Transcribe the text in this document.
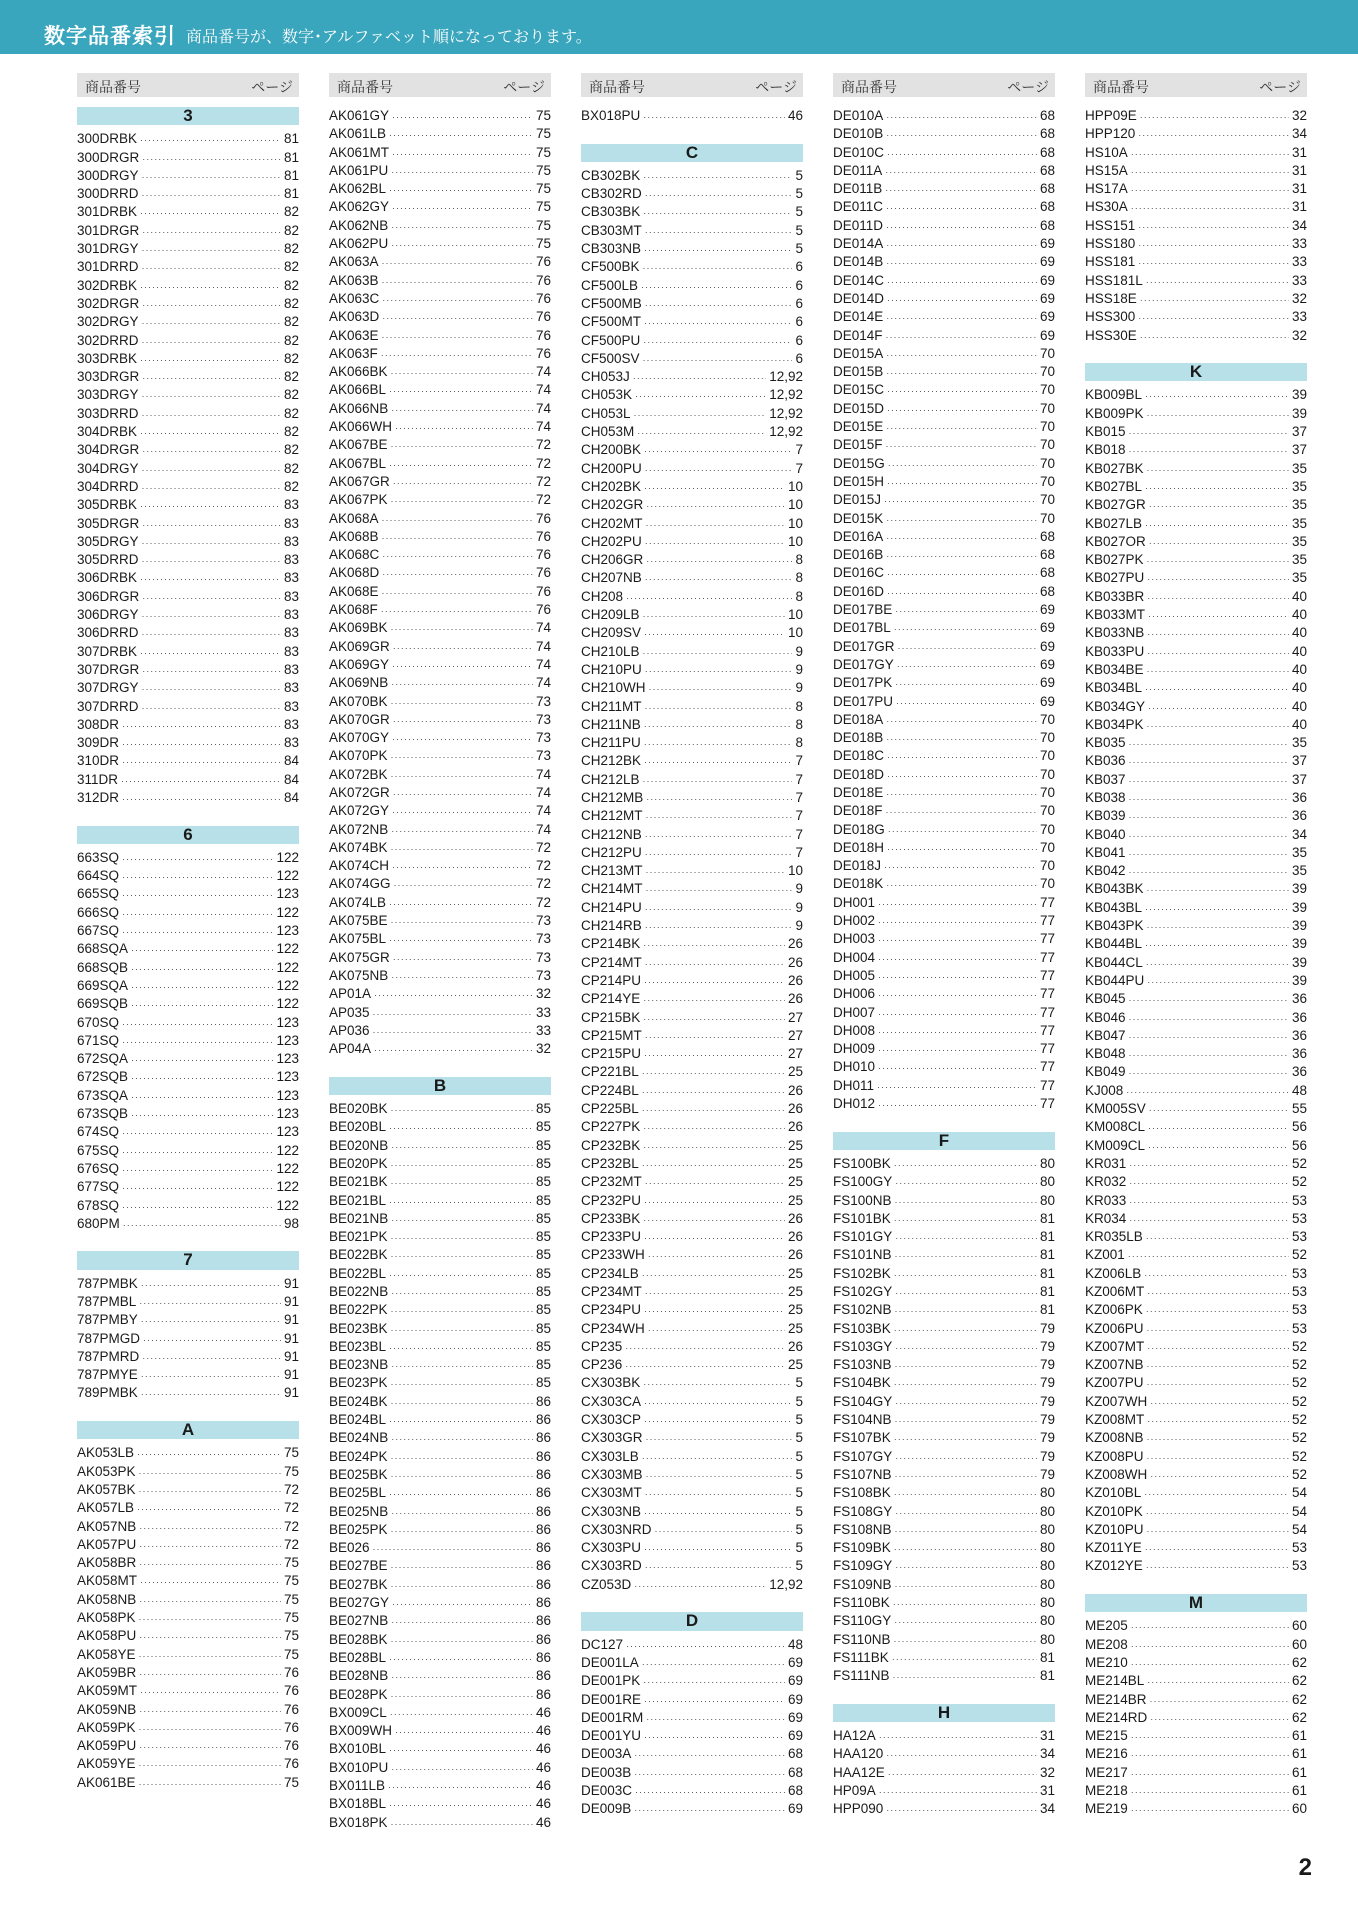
数字品番索引 商品番号が、数字･アルファベット順になっております。
商品番号	ページ
3
300DRBK ·····	81
300DRGR ·····	81
300DRGY ·····	81
300DRRD ·····	81
301DRBK ·····	82
301DRGR ·····	82
301DRGY ·····	82
301DRRD ·····	82
302DRBK ·····	82
302DRGR ·····	82
302DRGY ·····	82
302DRRD ·····	82
303DRBK ·····	82
303DRGR ·····	82
303DRGY ·····	82
303DRRD ·····	82
304DRBK ·····	82
304DRGR ·····	82
304DRGY ·····	82
304DRRD ·····	82
305DRBK ·····	83
305DRGR ·····	83
305DRGY ·····	83
305DRRD ·····	83
306DRBK ·····	83
306DRGR ·····	83
306DRGY ·····	83
306DRRD ·····	83
307DRBK ·····	83
307DRGR ·····	83
307DRGY ·····	83
307DRRD ·····	83
308DR ·····	83
309DR ·····	83
310DR ·····	84
311DR ·····	84
312DR ·····	84
6
663SQ ·····	122
664SQ ·····	122
665SQ ·····	123
666SQ ·····	122
667SQ ·····	123
668SQA ·····	122
668SQB ·····	122
669SQA ·····	122
669SQB ·····	122
670SQ ·····	123
671SQ ·····	123
672SQA ·····	123
672SQB ·····	123
673SQA ·····	123
673SQB ·····	123
674SQ ·····	123
675SQ ·····	122
676SQ ·····	122
677SQ ·····	122
678SQ ·····	122
680PM ·····	98
7
787PMBK ·····	91
787PMBL ·····	91
787PMBY ·····	91
787PMGD ·····	91
787PMRD ·····	91
787PMYE ·····	91
789PMBK ·····	91
A
AK053LB ·····	75
AK053PK ·····	75
AK057BK ·····	72
AK057LB ·····	72
AK057NB ·····	72
AK057PU ·····	72
AK058BR ·····	75
AK058MT ·····	75
AK058NB ·····	75
AK058PK ·····	75
AK058PU ·····	75
AK058YE ·····	75
AK059BR ·····	76
AK059MT ·····	76
AK059NB ·····	76
AK059PK ·····	76
AK059PU ·····	76
AK059YE ·····	76
AK061BE ·····	75
商品番号	ページ
AK061GY ·····	75
AK061LB ·····	75
AK061MT ·····	75
AK061PU ·····	75
AK062BL ·····	75
AK062GY ·····	75
AK062NB ·····	75
AK062PU ·····	75
AK063A ·····	76
AK063B ·····	76
AK063C ·····	76
AK063D ·····	76
AK063E ·····	76
AK063F ·····	76
AK066BK ·····	74
AK066BL ·····	74
AK066NB ·····	74
AK066WH ·····	74
AK067BE ·····	72
AK067BL ·····	72
AK067GR ·····	72
AK067PK ·····	72
AK068A ·····	76
AK068B ·····	76
AK068C ·····	76
AK068D ·····	76
AK068E ·····	76
AK068F ·····	76
AK069BK ·····	74
AK069GR ·····	74
AK069GY ·····	74
AK069NB ·····	74
AK070BK ·····	73
AK070GR ·····	73
AK070GY ·····	73
AK070PK ·····	73
AK072BK ·····	74
AK072GR ·····	74
AK072GY ·····	74
AK072NB ·····	74
AK074BK ·····	72
AK074CH ·····	72
AK074GG ·····	72
AK074LB ·····	72
AK075BE ·····	73
AK075BL ·····	73
AK075GR ·····	73
AK075NB ·····	73
AP01A ·····	32
AP035 ·····	33
AP036 ·····	33
AP04A ·····	32
B
BE020BK ·····	85
BE020BL ·····	85
BE020NB ·····	85
BE020PK ·····	85
BE021BK ·····	85
BE021BL ·····	85
BE021NB ·····	85
BE021PK ·····	85
BE022BK ·····	85
BE022BL ·····	85
BE022NB ·····	85
BE022PK ·····	85
BE023BK ·····	85
BE023BL ·····	85
BE023NB ·····	85
BE023PK ·····	85
BE024BK ·····	86
BE024BL ·····	86
BE024NB ·····	86
BE024PK ·····	86
BE025BK ·····	86
BE025BL ·····	86
BE025NB ·····	86
BE025PK ·····	86
BE026 ·····	86
BE027BE ·····	86
BE027BK ·····	86
BE027GY ·····	86
BE027NB ·····	86
BE028BK ·····	86
BE028BL ·····	86
BE028NB ·····	86
BE028PK ·····	86
BX009CL ·····	46
BX009WH ·····	46
BX010BL ·····	46
BX010PU ·····	46
BX011LB ·····	46
BX018BL ·····	46
BX018PK ·····	46
商品番号	ページ
BX018PU ·····	46
C
CB302BK ·····	5
CB302RD ·····	5
CB303BK ·····	5
CB303MT ·····	5
CB303NB ·····	5
CF500BK ·····	6
CF500LB ·····	6
CF500MB ·····	6
CF500MT ·····	6
CF500PU ·····	6
CF500SV ·····	6
CH053J ·····	12,92
CH053K ·····	12,92
CH053L ·····	12,92
CH053M ·····	12,92
CH200BK ·····	7
CH200PU ·····	7
CH202BK ·····	10
CH202GR ·····	10
CH202MT ·····	10
CH202PU ·····	10
CH206GR ·····	8
CH207NB ·····	8
CH208 ·····	8
CH209LB ·····	10
CH209SV ·····	10
CH210LB ·····	9
CH210PU ·····	9
CH210WH ·····	9
CH211MT ·····	8
CH211NB ·····	8
CH211PU ·····	8
CH212BK ·····	7
CH212LB ·····	7
CH212MB ·····	7
CH212MT ·····	7
CH212NB ·····	7
CH212PU ·····	7
CH213MT ·····	10
CH214MT ·····	9
CH214PU ·····	9
CH214RB ·····	9
CP214BK ·····	26
CP214MT ·····	26
CP214PU ·····	26
CP214YE ·····	26
CP215BK ·····	27
CP215MT ·····	27
CP215PU ·····	27
CP221BL ·····	25
CP224BL ·····	26
CP225BL ·····	26
CP227PK ·····	26
CP232BK ·····	25
CP232BL ·····	25
CP232MT ·····	25
CP232PU ·····	25
CP233BK ·····	26
CP233PU ·····	26
CP233WH ·····	26
CP234LB ·····	25
CP234MT ·····	25
CP234PU ·····	25
CP234WH ·····	25
CP235 ·····	26
CP236 ·····	25
CX303BK ·····	5
CX303CA ·····	5
CX303CP ·····	5
CX303GR ·····	5
CX303LB ·····	5
CX303MB ·····	5
CX303MT ·····	5
CX303NB ·····	5
CX303NRD ·····	5
CX303PU ·····	5
CX303RD ·····	5
CZ053D ·····	12,92
D
DC127 ·····	48
DE001LA ·····	69
DE001PK ·····	69
DE001RE ·····	69
DE001RM ·····	69
DE001YU ·····	69
DE003A ·····	68
DE003B ·····	68
DE003C ·····	68
DE009B ·····	69
商品番号	ページ
DE010A ·····	68
DE010B ·····	68
DE010C ·····	68
DE011A ·····	68
DE011B ·····	68
DE011C ·····	68
DE011D ·····	68
DE014A ·····	69
DE014B ·····	69
DE014C ·····	69
DE014D ·····	69
DE014E ·····	69
DE014F ·····	69
DE015A ·····	70
DE015B ·····	70
DE015C ·····	70
DE015D ·····	70
DE015E ·····	70
DE015F ·····	70
DE015G ·····	70
DE015H ·····	70
DE015J ·····	70
DE015K ·····	70
DE016A ·····	68
DE016B ·····	68
DE016C ·····	68
DE016D ·····	68
DE017BE ·····	69
DE017BL ·····	69
DE017GR ·····	69
DE017GY ·····	69
DE017PK ·····	69
DE017PU ·····	69
DE018A ·····	70
DE018B ·····	70
DE018C ·····	70
DE018D ·····	70
DE018E ·····	70
DE018F ·····	70
DE018G ·····	70
DE018H ·····	70
DE018J ·····	70
DE018K ·····	70
DH001 ·····	77
DH002 ·····	77
DH003 ·····	77
DH004 ·····	77
DH005 ·····	77
DH006 ·····	77
DH007 ·····	77
DH008 ·····	77
DH009 ·····	77
DH010 ·····	77
DH011 ·····	77
DH012 ·····	77
F
FS100BK ·····	80
FS100GY ·····	80
FS100NB ·····	80
FS101BK ·····	81
FS101GY ·····	81
FS101NB ·····	81
FS102BK ·····	81
FS102GY ·····	81
FS102NB ·····	81
FS103BK ·····	79
FS103GY ·····	79
FS103NB ·····	79
FS104BK ·····	79
FS104GY ·····	79
FS104NB ·····	79
FS107BK ·····	79
FS107GY ·····	79
FS107NB ·····	79
FS108BK ·····	80
FS108GY ·····	80
FS108NB ·····	80
FS109BK ·····	80
FS109GY ·····	80
FS109NB ·····	80
FS110BK ·····	80
FS110GY ·····	80
FS110NB ·····	80
FS111BK ·····	81
FS111NB ·····	81
H
HA12A ·····	31
HAA120 ·····	34
HAA12E ·····	32
HP09A ·····	31
HPP090 ·····	34
商品番号	ページ
HPP09E ·····	32
HPP120 ·····	34
HS10A ·····	31
HS15A ·····	31
HS17A ·····	31
HS30A ·····	31
HSS151 ·····	34
HSS180 ·····	33
HSS181 ·····	33
HSS181L ·····	33
HSS18E ·····	32
HSS300 ·····	33
HSS30E ·····	32
K
KB009BL ·····	39
KB009PK ·····	39
KB015 ·····	37
KB018 ·····	37
KB027BK ·····	35
KB027BL ·····	35
KB027GR ·····	35
KB027LB ·····	35
KB027OR ·····	35
KB027PK ·····	35
KB027PU ·····	35
KB033BR ·····	40
KB033MT ·····	40
KB033NB ·····	40
KB033PU ·····	40
KB034BE ·····	40
KB034BL ·····	40
KB034GY ·····	40
KB034PK ·····	40
KB035 ·····	35
KB036 ·····	37
KB037 ·····	37
KB038 ·····	36
KB039 ·····	36
KB040 ·····	34
KB041 ·····	35
KB042 ·····	35
KB043BK ·····	39
KB043BL ·····	39
KB043PK ·····	39
KB044BL ·····	39
KB044CL ·····	39
KB044PU ·····	39
KB045 ·····	36
KB046 ·····	36
KB047 ·····	36
KB048 ·····	36
KB049 ·····	36
KJ008 ·····	48
KM005SV ·····	55
KM008CL ·····	56
KM009CL ·····	56
KR031 ·····	52
KR032 ·····	52
KR033 ·····	53
KR034 ·····	53
KR035LB ·····	53
KZ001 ·····	52
KZ006LB ·····	53
KZ006MT ·····	53
KZ006PK ·····	53
KZ006PU ·····	53
KZ007MT ·····	52
KZ007NB ·····	52
KZ007PU ·····	52
KZ007WH ·····	52
KZ008MT ·····	52
KZ008NB ·····	52
KZ008PU ·····	52
KZ008WH ·····	52
KZ010BL ·····	54
KZ010PK ·····	54
KZ010PU ·····	54
KZ011YE ·····	53
KZ012YE ·····	53
M
ME205 ·····	60
ME208 ·····	60
ME210 ·····	62
ME214BL ·····	62
ME214BR ·····	62
ME214RD ·····	62
ME215 ·····	61
ME216 ·····	61
ME217 ·····	61
ME218 ·····	61
ME219 ·····	60
2
